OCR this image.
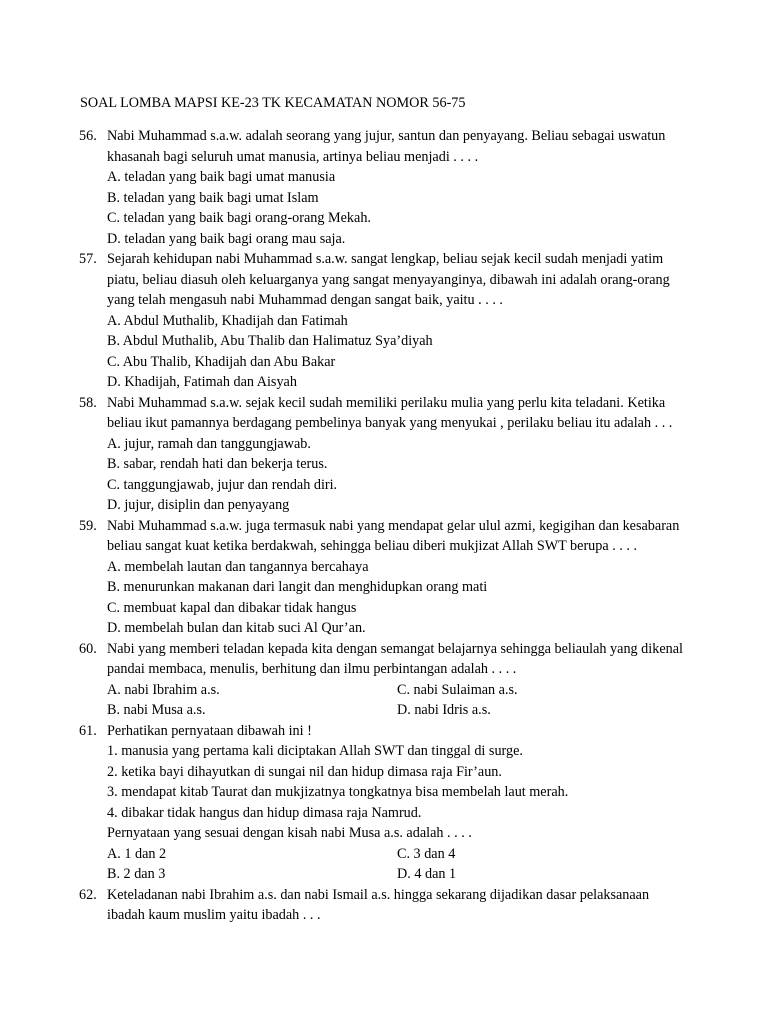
SOAL LOMBA MAPSI KE-23 TK KECAMATAN NOMOR 56-75
56. Nabi Muhammad s.a.w. adalah seorang yang jujur, santun dan penyayang. Beliau sebagai uswatun
khasanah bagi seluruh umat manusia, artinya beliau menjadi . . . .
A. teladan yang baik bagi umat manusia
B. teladan yang baik bagi umat Islam
C. teladan yang baik bagi orang-orang Mekah.
D. teladan yang baik bagi orang mau saja.
57. Sejarah kehidupan nabi Muhammad s.a.w. sangat lengkap, beliau sejak kecil sudah menjadi yatim
piatu, beliau diasuh oleh keluarganya yang sangat menyayanginya, dibawah ini adalah orang-orang
yang telah mengasuh nabi Muhammad dengan sangat baik, yaitu . . . .
A. Abdul Muthalib, Khadijah dan Fatimah
B. Abdul Muthalib, Abu Thalib dan Halimatuz Sya’diyah
C. Abu Thalib, Khadijah dan Abu Bakar
D. Khadijah, Fatimah dan Aisyah
58. Nabi Muhammad s.a.w. sejak kecil sudah memiliki perilaku mulia yang perlu kita teladani. Ketika
beliau ikut pamannya berdagang pembelinya banyak yang menyukai , perilaku beliau itu adalah . . .
A. jujur, ramah dan tanggungjawab.
B. sabar, rendah hati dan bekerja terus.
C. tanggungjawab, jujur dan rendah diri.
D. jujur, disiplin dan penyayang
59. Nabi Muhammad s.a.w. juga termasuk nabi yang mendapat gelar ulul azmi, kegigihan dan kesabaran
beliau sangat kuat ketika berdakwah, sehingga beliau diberi mukjizat Allah SWT berupa . . . .
A. membelah lautan dan tangannya bercahaya
B. menurunkan makanan dari langit dan menghidupkan orang mati
C. membuat kapal dan dibakar tidak hangus
D. membelah bulan dan kitab suci Al Qur’an.
60. Nabi yang memberi teladan kepada kita dengan semangat belajarnya sehingga beliaulah yang dikenal
pandai membaca, menulis, berhitung dan ilmu perbintangan adalah . . . .
A. nabi Ibrahim a.s.	C. nabi Sulaiman a.s.
B. nabi Musa a.s.	D. nabi Idris a.s.
61. Perhatikan pernyataan dibawah ini !
1. manusia yang pertama kali diciptakan Allah SWT dan tinggal di surge.
2. ketika bayi dihayutkan di sungai nil dan hidup dimasa raja Fir’aun.
3. mendapat kitab Taurat dan mukjizatnya tongkatnya bisa membelah laut merah.
4. dibakar tidak hangus dan hidup dimasa raja Namrud.
Pernyataan yang sesuai dengan kisah nabi Musa a.s. adalah . . . .
A. 1 dan 2	C. 3 dan 4
B. 2 dan 3	D. 4 dan 1
62. Keteladanan nabi Ibrahim a.s. dan nabi Ismail a.s. hingga sekarang dijadikan dasar pelaksanaan
ibadah kaum muslim yaitu ibadah . . .
